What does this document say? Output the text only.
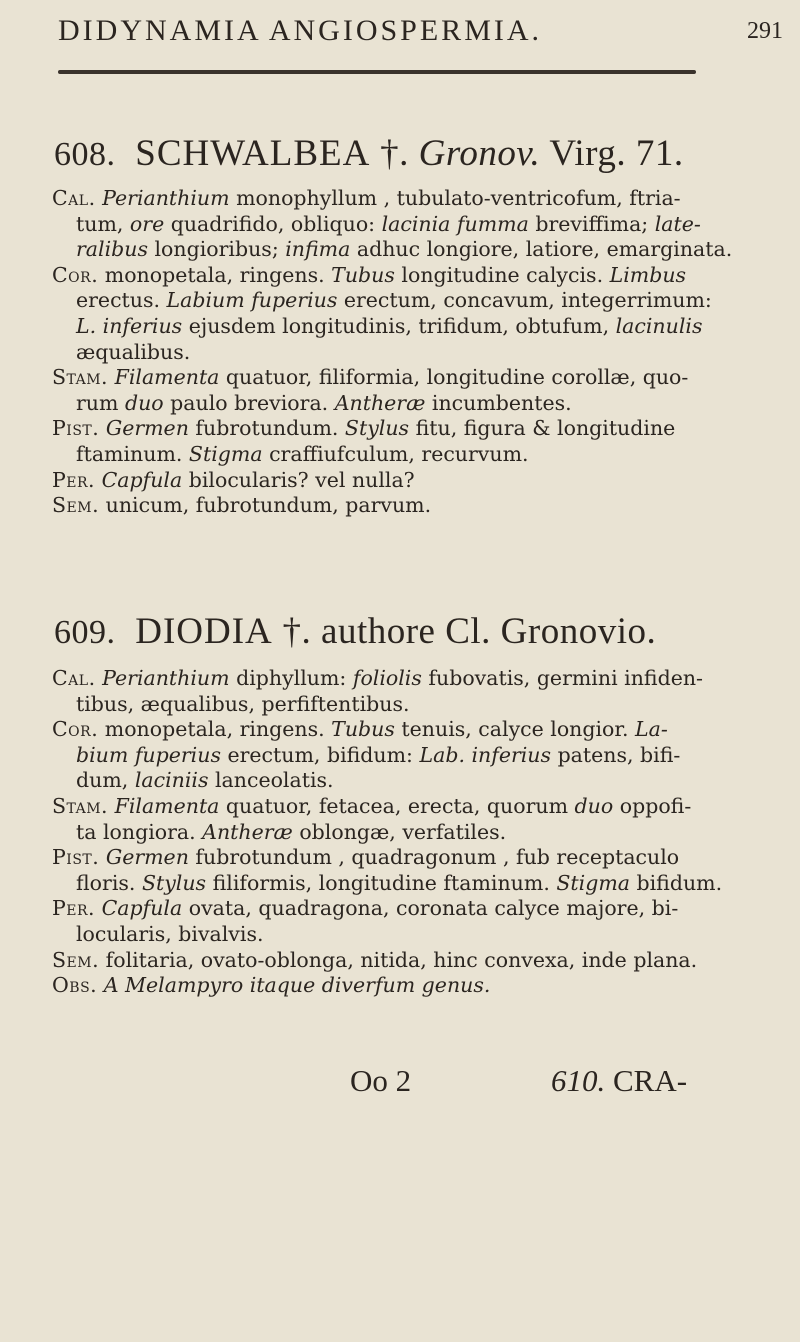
DIDYNAMIA ANGIOSPERMIA.	291
608. SCHWALBEA †. Gronov. Virg. 71.
Cal. Perianthium monophyllum , tubulato-ventricofum, ftria-
tum, ore quadrifido, obliquo: lacinia fumma breviffima; late-
ralibus longioribus; infima adhuc longiore, latiore, emarginata.
Cor. monopetala, ringens. Tubus longitudine calycis. Limbus
erectus. Labium fuperius erectum, concavum, integerrimum:
L. inferius ejusdem longitudinis, trifidum, obtufum, lacinulis
æqualibus.
Stam. Filamenta quatuor, filiformia, longitudine corollæ, quo-
rum duo paulo breviora. Antheræ incumbentes.
Pist. Germen fubrotundum. Stylus fitu, figura & longitudine
ftaminum. Stigma craffiufculum, recurvum.
Per. Capfula bilocularis? vel nulla?
Sem. unicum, fubrotundum, parvum.
609. DIODIA †. authore Cl. Gronovio.
Cal. Perianthium diphyllum: foliolis fubovatis, germini infiden-
tibus, æqualibus, perfiftentibus.
Cor. monopetala, ringens. Tubus tenuis, calyce longior. La-
bium fuperius erectum, bifidum: Lab. inferius patens, bifi-
dum, laciniis lanceolatis.
Stam. Filamenta quatuor, fetacea, erecta, quorum duo oppofi-
ta longiora. Antheræ oblongæ, verfatiles.
Pist. Germen fubrotundum , quadragonum , fub receptaculo
floris. Stylus filiformis, longitudine ftaminum. Stigma bifidum.
Per. Capfula ovata, quadragona, coronata calyce majore, bi-
locularis, bivalvis.
Sem. folitaria, ovato-oblonga, nitida, hinc convexa, inde plana.
Obs. A Melampyro itaque diverfum genus.
Oo 2	610. CRA-
